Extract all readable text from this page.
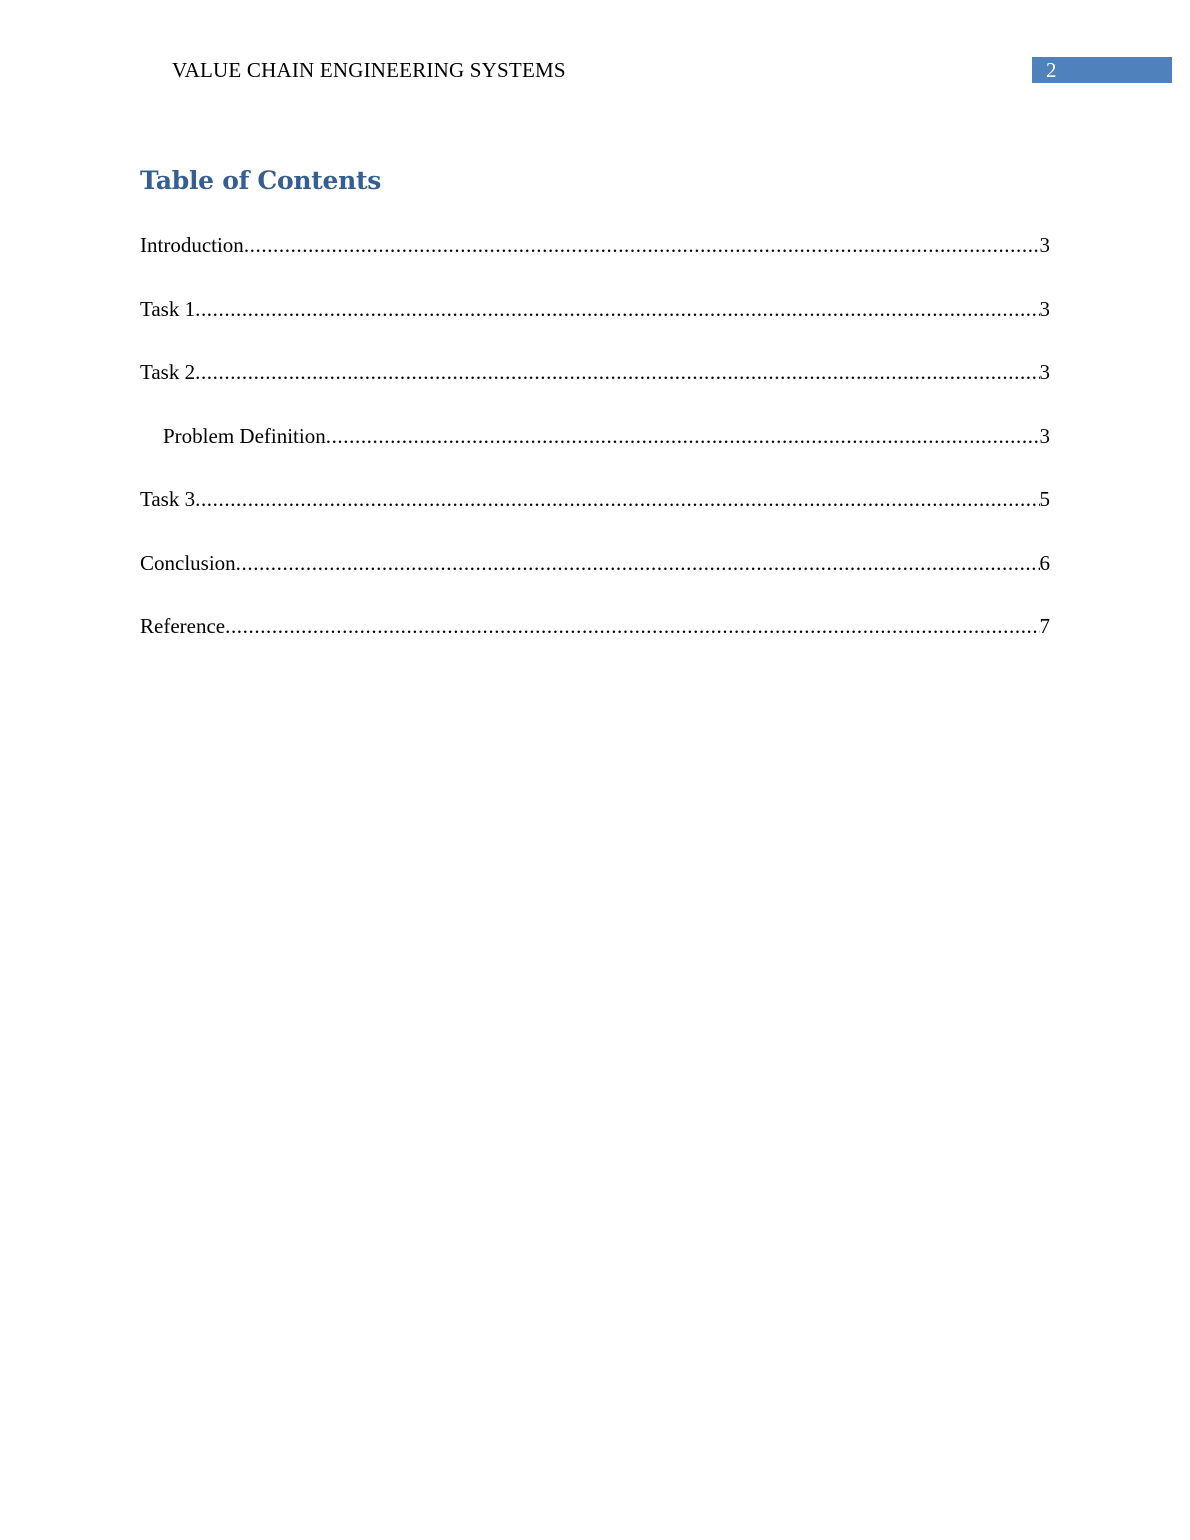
VALUE CHAIN ENGINEERING SYSTEMS	2
Table of Contents
Introduction .....	3
Task 1 .....	3
Task 2 .....	3
Problem Definition .....	3
Task 3 .....	5
Conclusion .....	6
Reference .....	7
